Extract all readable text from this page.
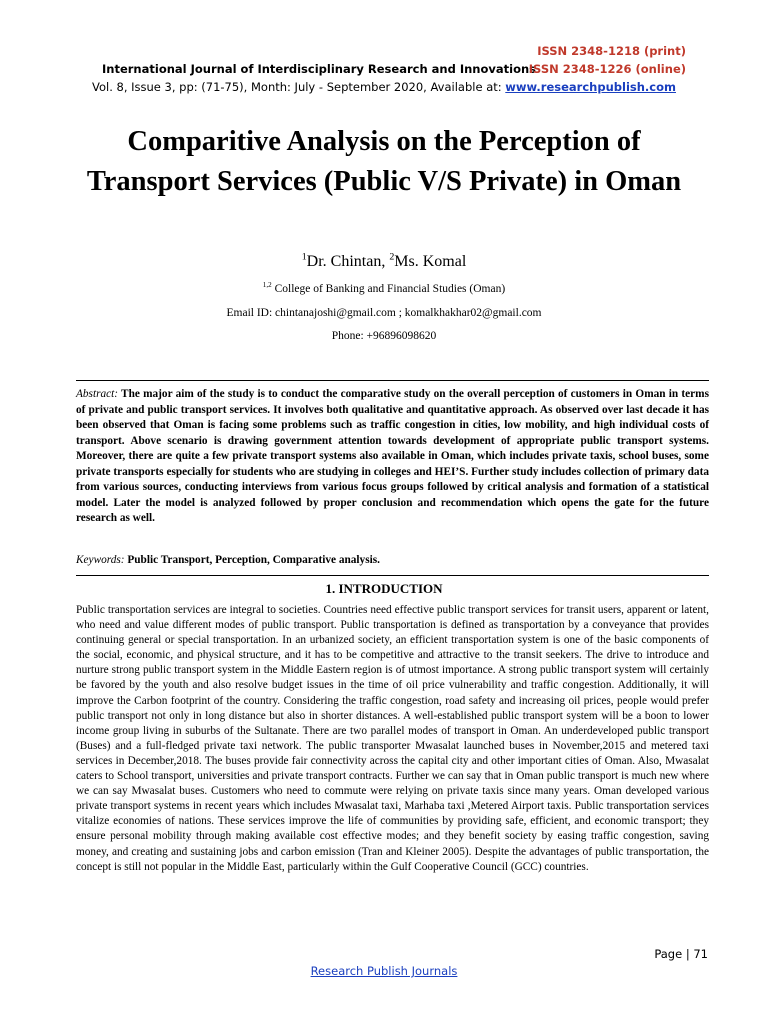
ISSN 2348-1218 (print)
International Journal of Interdisciplinary Research and Innovations
ISSN 2348-1226 (online)
Vol. 8, Issue 3, pp: (71-75), Month: July - September 2020, Available at: www.researchpublish.com
Comparitive Analysis on the Perception of Transport Services (Public V/S Private) in Oman
$^1$Dr. Chintan, $^2$Ms. Komal
$^{1,2}$ College of Banking and Financial Studies (Oman)
Email ID: chintanajoshi@gmail.com ; komalkhakhar02@gmail.com
Phone: +96896098620
Abstract: The major aim of the study is to conduct the comparative study on the overall perception of customers in Oman in terms of private and public transport services. It involves both qualitative and quantitative approach. As observed over last decade it has been observed that Oman is facing some problems such as traffic congestion in cities, low mobility, and high individual costs of transport. Above scenario is drawing government attention towards development of appropriate public transport systems. Moreover, there are quite a few private transport systems also available in Oman, which includes private taxis, school buses, some private transports especially for students who are studying in colleges and HEI’S. Further study includes collection of primary data from various sources, conducting interviews from various focus groups followed by critical analysis and formation of a statistical model. Later the model is analyzed followed by proper conclusion and recommendation which opens the gate for the future research as well.
Keywords: Public Transport, Perception, Comparative analysis.
1. INTRODUCTION

Public transportation services are integral to societies. Countries need effective public transport services for transit users, apparent or latent, who need and value different modes of public transport. Public transportation is defined as transportation by a conveyance that provides continuing general or special transportation. In an urbanized society, an efficient transportation system is one of the basic components of the social, economic, and physical structure, and it has to be competitive and attractive to the transit seekers. The drive to introduce and nurture strong public transport system in the Middle Eastern region is of utmost importance. A strong public transport system will certainly be favored by the youth and also resolve budget issues in the time of oil price vulnerability and traffic congestion. Additionally, it will improve the Carbon footprint of the country. Considering the traffic congestion, road safety and increasing oil prices, people would prefer public transport not only in long distance but also in shorter distances. A well-established public transport system will be a boon to lower income group living in suburbs of the Sultanate. There are two parallel modes of transport in Oman. An underdeveloped public transport (Buses) and a full-fledged private taxi network. The public transporter Mwasalat launched buses in November,2015 and metered taxi services in December,2018. The buses provide fair connectivity across the capital city and other important cities of Oman. Also, Mwasalat caters to School transport, universities and private transport contracts. Further we can say that in Oman public transport is much new where we can say Mwasalat buses. Customers who need to commute were relying on private taxis since many years. Oman developed various private transport systems in recent years which includes Mwasalat taxi, Marhaba taxi ,Metered Airport taxis. Public transportation services vitalize economies of nations. These services improve the life of communities by providing safe, efficient, and economic transport; they ensure personal mobility through making available cost effective modes; and they benefit society by easing traffic congestion, saving money, and creating and sustaining jobs and carbon emission (Tran and Kleiner 2005). Despite the advantages of public transportation, the concept is still not popular in the Middle East, particularly within the Gulf Cooperative Council (GCC) countries.

Page | 71
Research Publish Journals
